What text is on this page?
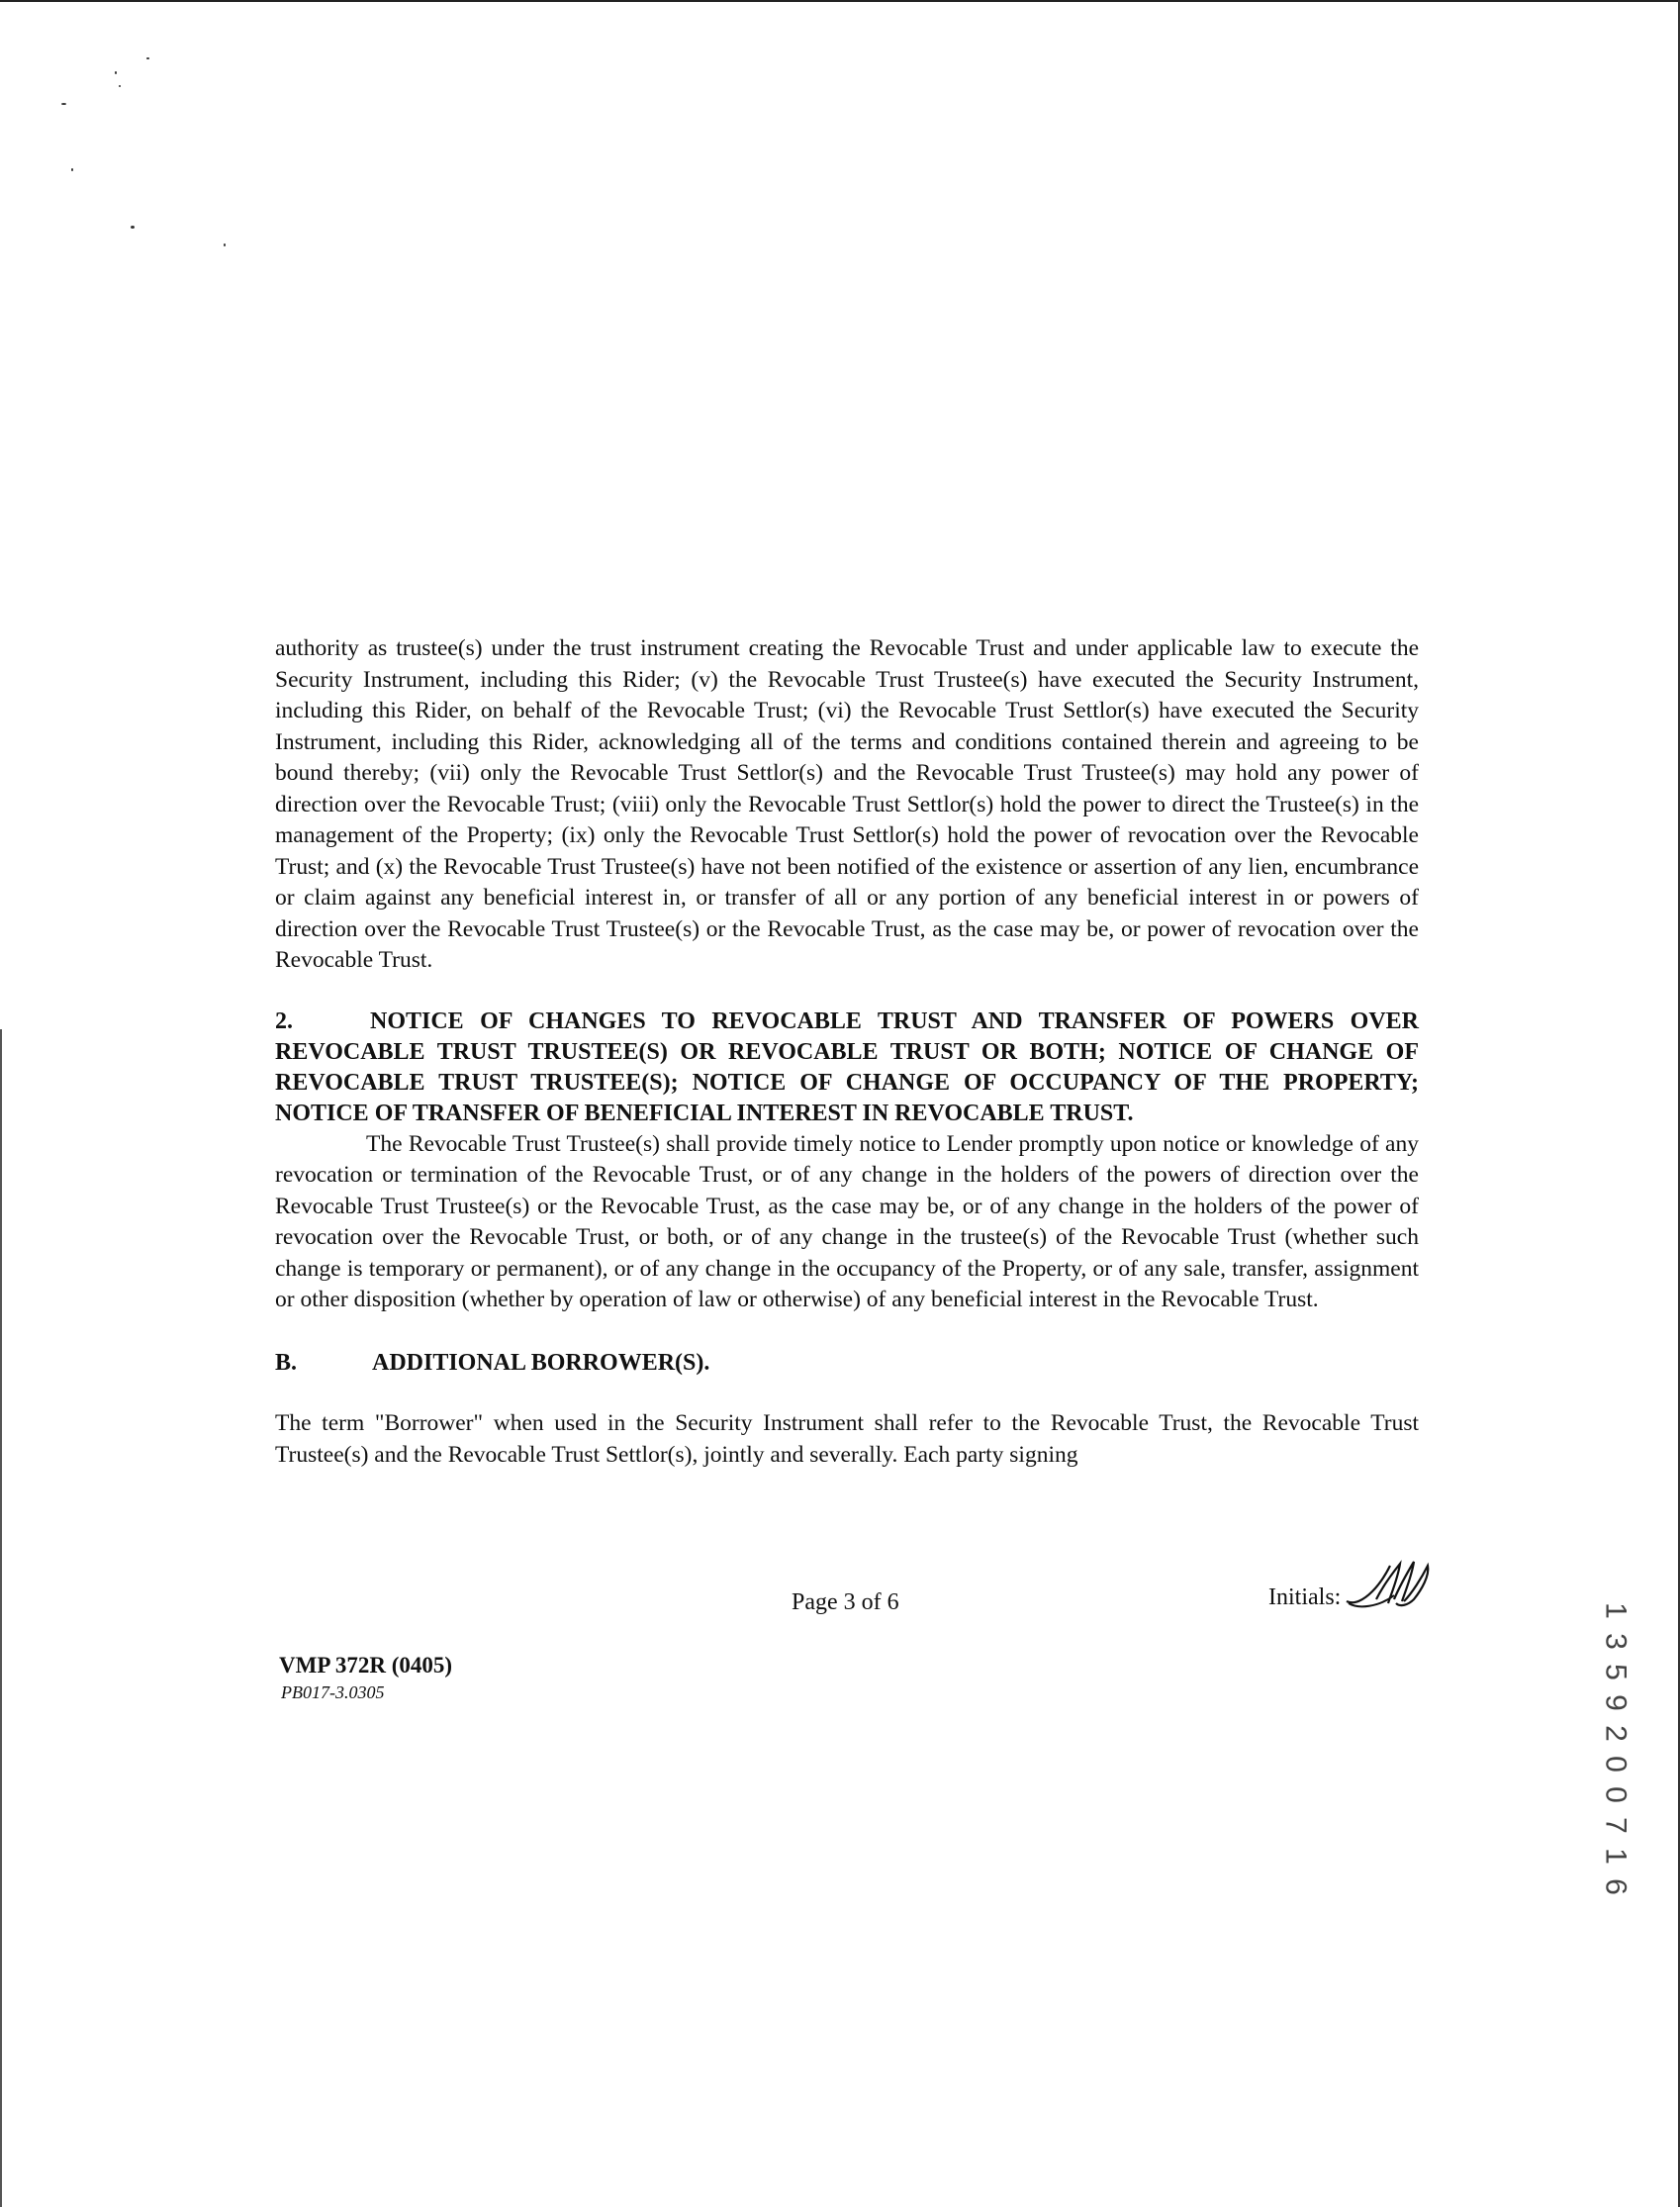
authority as trustee(s) under the trust instrument creating the Revocable Trust and under applicable law to execute the Security Instrument, including this Rider; (v) the Revocable Trust Trustee(s) have executed the Security Instrument, including this Rider, on behalf of the Revocable Trust; (vi) the Revocable Trust Settlor(s) have executed the Security Instrument, including this Rider, acknowledging all of the terms and conditions contained therein and agreeing to be bound thereby; (vii) only the Revocable Trust Settlor(s) and the Revocable Trust Trustee(s) may hold any power of direction over the Revocable Trust; (viii) only the Revocable Trust Settlor(s) hold the power to direct the Trustee(s) in the management of the Property; (ix) only the Revocable Trust Settlor(s) hold the power of revocation over the Revocable Trust; and (x) the Revocable Trust Trustee(s) have not been notified of the existence or assertion of any lien, encumbrance or claim against any beneficial interest in, or transfer of all or any portion of any beneficial interest in or powers of direction over the Revocable Trust Trustee(s) or the Revocable Trust, as the case may be, or power of revocation over the Revocable Trust.

2.	NOTICE OF CHANGES TO REVOCABLE TRUST AND TRANSFER OF POWERS OVER REVOCABLE TRUST TRUSTEE(S) OR REVOCABLE TRUST OR BOTH; NOTICE OF CHANGE OF REVOCABLE TRUST TRUSTEE(S); NOTICE OF CHANGE OF OCCUPANCY OF THE PROPERTY; NOTICE OF TRANSFER OF BENEFICIAL INTEREST IN REVOCABLE TRUST.

The Revocable Trust Trustee(s) shall provide timely notice to Lender promptly upon notice or knowledge of any revocation or termination of the Revocable Trust, or of any change in the holders of the powers of direction over the Revocable Trust Trustee(s) or the Revocable Trust, as the case may be, or of any change in the holders of the power of revocation over the Revocable Trust, or both, or of any change in the trustee(s) of the Revocable Trust (whether such change is temporary or permanent), or of any change in the occupancy of the Property, or of any sale, transfer, assignment or other disposition (whether by operation of law or otherwise) of any beneficial interest in the Revocable Trust.

B.	ADDITIONAL BORROWER(S).

The term "Borrower" when used in the Security Instrument shall refer to the Revocable Trust, the Revocable Trust Trustee(s) and the Revocable Trust Settlor(s), jointly and severally. Each party signing

Page 3 of 6	Initials:
VMP 372R (0405)
PB017-3.0305
1
3
5
9
2
0
0
7
1
6
